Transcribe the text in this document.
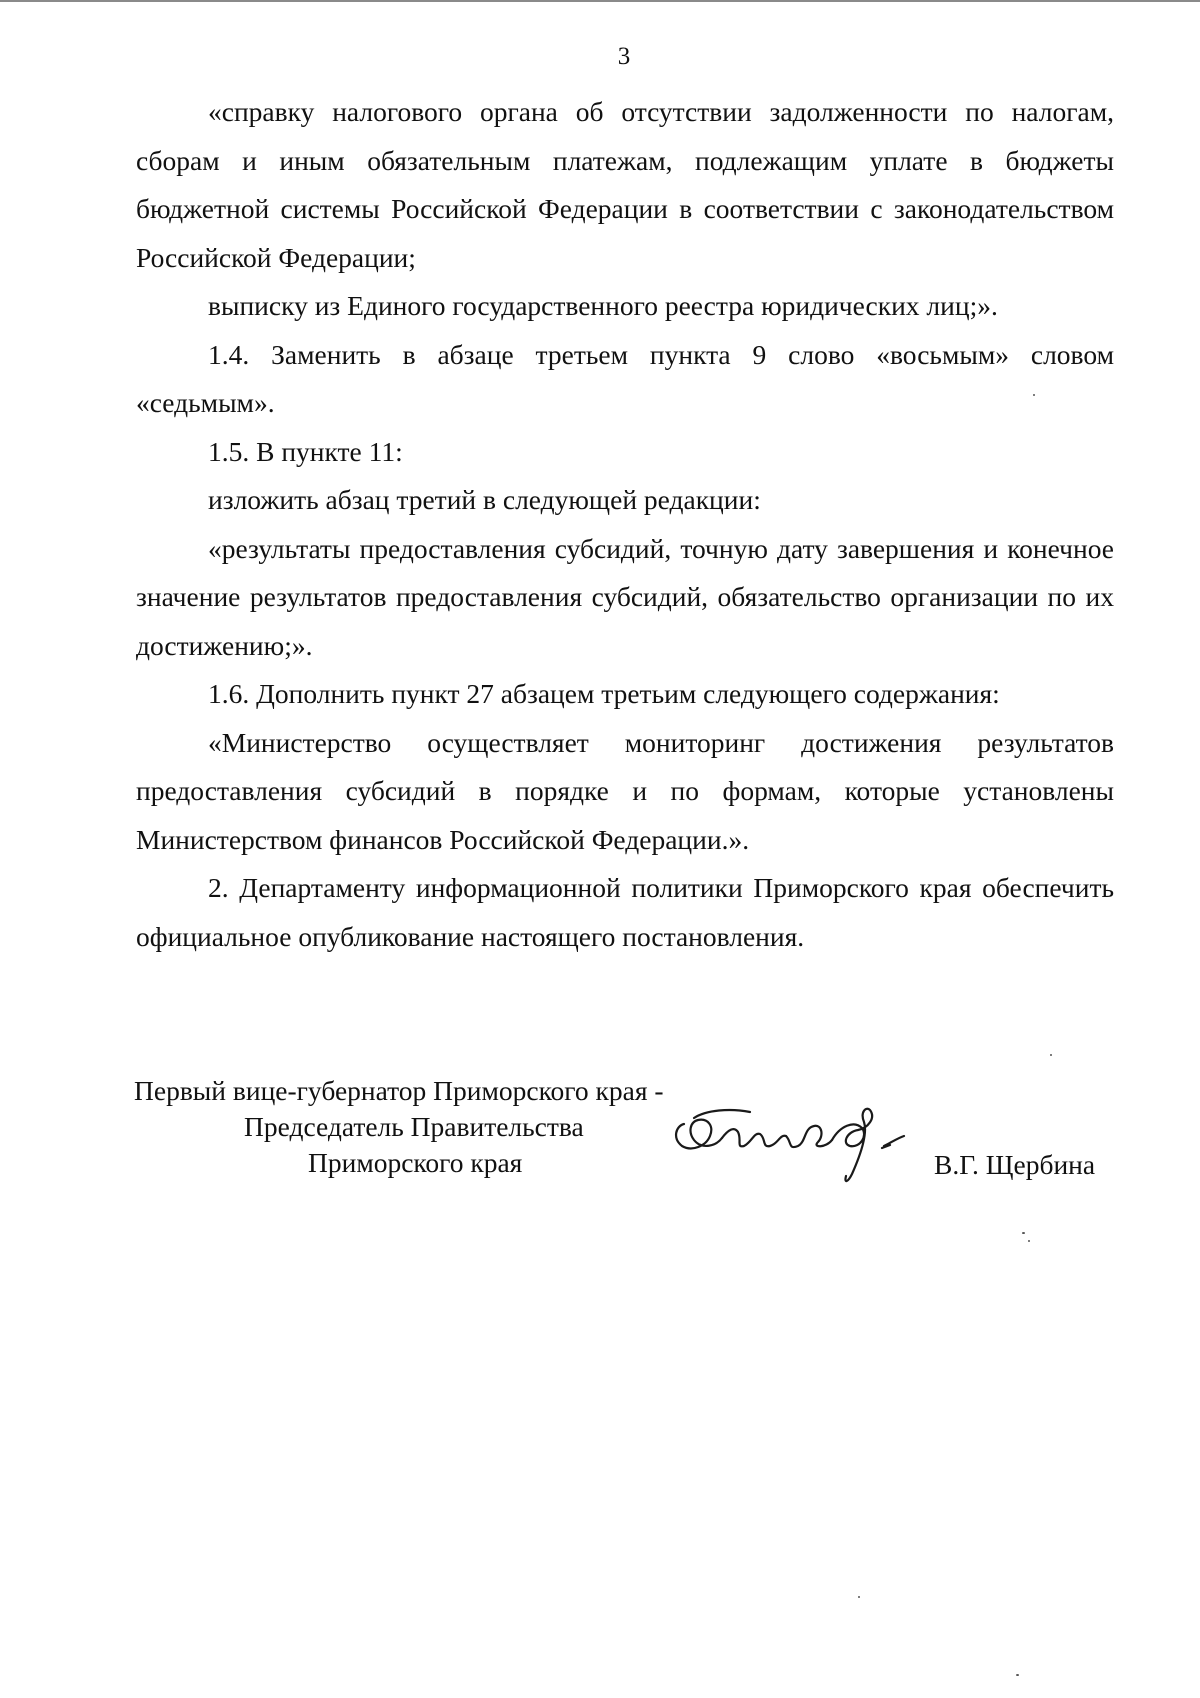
3

«справку налогового органа об отсутствии задолженности по налогам, сборам и иным обязательным платежам, подлежащим уплате в бюджеты бюджетной системы Российской Федерации в соответствии с законодательством Российской Федерации;

выписку из Единого государственного реестра юридических лиц;».

1.4. Заменить в абзаце третьем пункта 9 слово «восьмым» словом «седьмым».

1.5. В пункте 11:

изложить абзац третий в следующей редакции:

«результаты предоставления субсидий, точную дату завершения и конечное значение результатов предоставления субсидий, обязательство организации по их достижению;».

1.6. Дополнить пункт 27 абзацем третьим следующего содержания:

«Министерство осуществляет мониторинг достижения результатов предоставления субсидий в порядке и по формам, которые установлены Министерством финансов Российской Федерации.».

2. Департаменту информационной политики Приморского края обеспечить официальное опубликование настоящего постановления.

Первый вице-губернатор Приморского края -
Председатель Правительства
Приморского края	В.Г. Щербина
